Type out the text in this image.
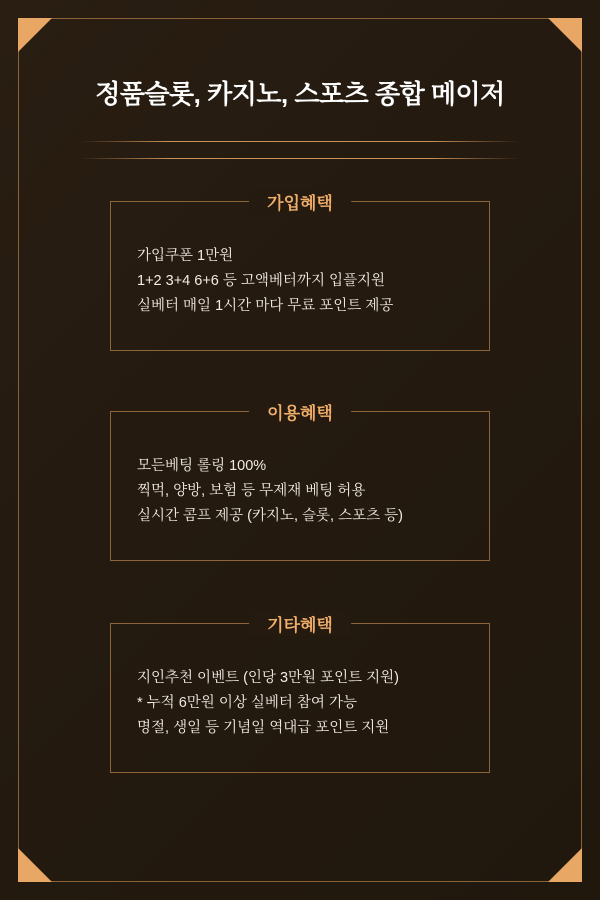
정품슬롯, 카지노, 스포츠 종합 메이저
가입혜택
가입쿠폰 1만원
1+2 3+4 6+6 등 고액베터까지 입플지원
실베터 매일 1시간 마다 무료 포인트 제공
이용혜택
모든베팅 롤링 100%
찍먹, 양방, 보험 등 무제재 베팅 허용
실시간 콤프 제공 (카지노, 슬롯, 스포츠 등)
기타혜택
지인추천 이벤트 (인당 3만원 포인트 지원)
* 누적 6만원 이상 실베터 참여 가능
명절, 생일 등 기념일 역대급 포인트 지원
